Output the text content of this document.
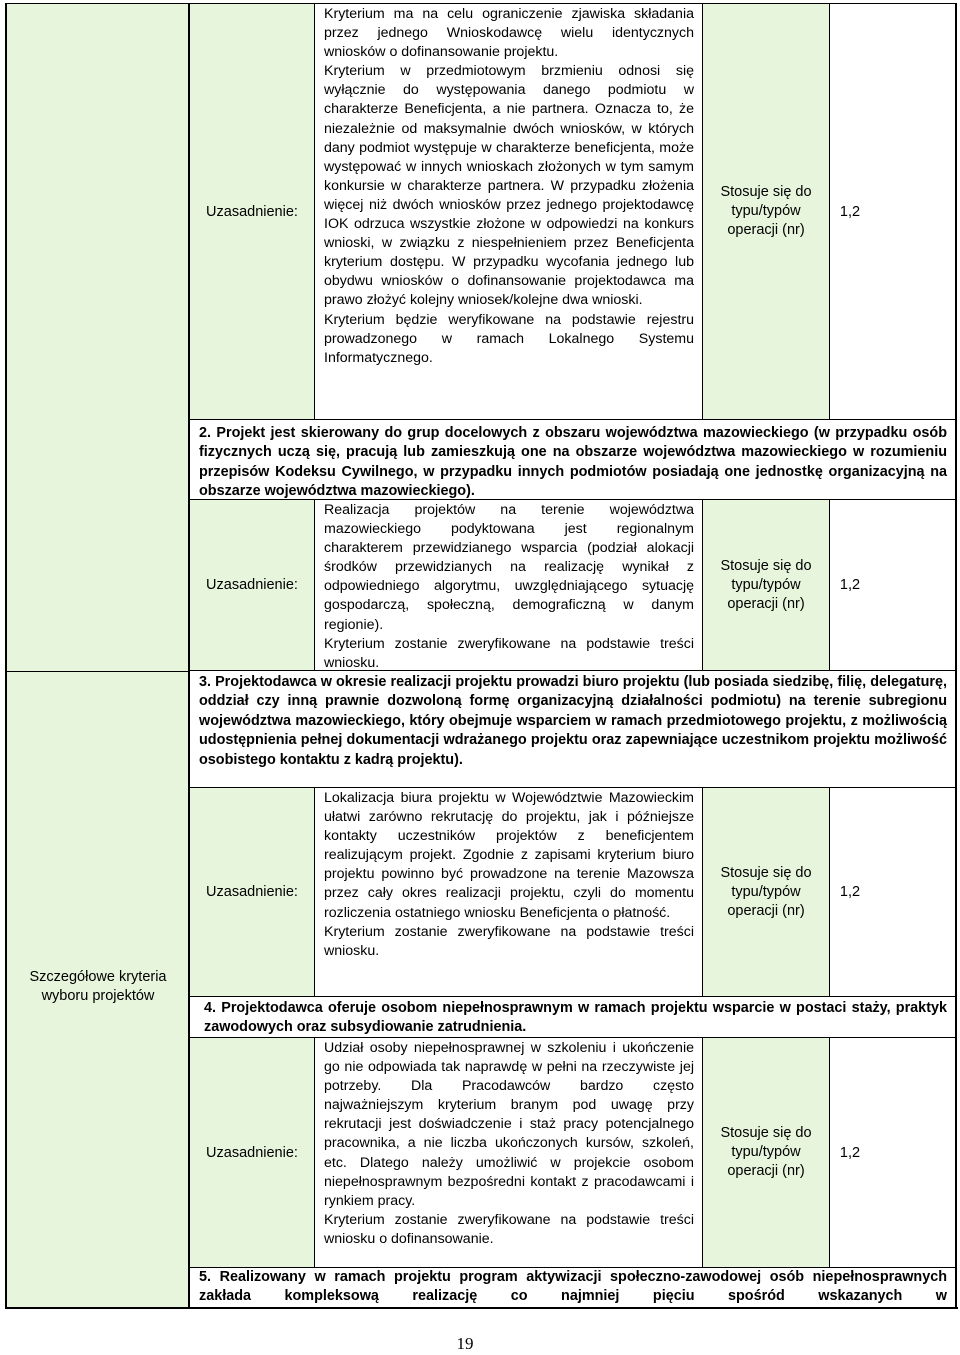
Szczegółowe kryteria wyboru projektów
Uzasadnienie:

Kryterium ma na celu ograniczenie zjawiska składania przez jednego Wnioskodawcę wielu identycznych wniosków o dofinansowanie projektu.

Kryterium w przedmiotowym brzmieniu odnosi się wyłącznie do występowania danego podmiotu w charakterze Beneficjenta, a nie partnera. Oznacza to, że niezależnie od maksymalnie dwóch wniosków, w których dany podmiot występuje w charakterze beneficjenta, może występować w innych wnioskach złożonych w tym samym konkursie w charakterze partnera. W przypadku złożenia więcej niż dwóch wniosków przez jednego projektodawcę IOK odrzuca wszystkie złożone w odpowiedzi na konkurs wnioski, w związku z niespełnieniem przez Beneficjenta kryterium dostępu. W przypadku wycofania jednego lub obydwu wniosków o dofinansowanie projektodawca ma prawo złożyć kolejny wniosek/kolejne dwa wnioski.

Kryterium będzie weryfikowane na podstawie rejestru prowadzonego w ramach Lokalnego Systemu Informatycznego.

Stosuje się do typu/typów operacji (nr)
1,2
2. Projekt jest skierowany do grup docelowych z obszaru województwa mazowieckiego (w przypadku osób fizycznych uczą się, pracują lub zamieszkują one na obszarze województwa mazowieckiego w rozumieniu przepisów Kodeksu Cywilnego, w przypadku innych podmiotów posiadają one jednostkę organizacyjną na obszarze województwa mazowieckiego).
Uzasadnienie:

Realizacja projektów na terenie województwa mazowieckiego podyktowana jest regionalnym charakterem przewidzianego wsparcia (podział alokacji środków przewidzianych na realizację wynikał z odpowiedniego algorytmu, uwzględniającego sytuację gospodarczą, społeczną, demograficzną w danym regionie).

Kryterium zostanie zweryfikowane na podstawie treści wniosku.

Stosuje się do typu/typów operacji (nr)
1,2
3. Projektodawca w okresie realizacji projektu prowadzi biuro projektu (lub posiada siedzibę, filię, delegaturę, oddział czy inną prawnie dozwoloną formę organizacyjną działalności podmiotu) na terenie subregionu województwa mazowieckiego, który obejmuje wsparciem w ramach przedmiotowego projektu, z możliwością udostępnienia pełnej dokumentacji wdrażanego projektu oraz zapewniające uczestnikom projektu możliwość osobistego kontaktu z kadrą projektu).
Uzasadnienie:

Lokalizacja biura projektu w Województwie Mazowieckim ułatwi zarówno rekrutację do projektu, jak i późniejsze kontakty uczestników projektów z beneficjentem realizującym projekt. Zgodnie z zapisami kryterium biuro projektu powinno być prowadzone na terenie Mazowsza przez cały okres realizacji projektu, czyli do momentu rozliczenia ostatniego wniosku Beneficjenta o płatność.

Kryterium zostanie zweryfikowane na podstawie treści wniosku.

Stosuje się do typu/typów operacji (nr)
1,2
4. Projektodawca oferuje osobom niepełnosprawnym w ramach projektu wsparcie w postaci staży, praktyk zawodowych oraz subsydiowanie zatrudnienia.
Uzasadnienie:

Udział osoby niepełnosprawnej w szkoleniu i ukończenie go nie odpowiada tak naprawdę w pełni na rzeczywiste jej potrzeby. Dla Pracodawców bardzo często najważniejszym kryterium branym pod uwagę przy rekrutacji jest doświadczenie i staż pracy potencjalnego pracownika, a nie liczba ukończonych kursów, szkoleń, etc. Dlatego należy umożliwić w projekcie osobom niepełnosprawnym bezpośredni kontakt z pracodawcami i rynkiem pracy.

Kryterium zostanie zweryfikowane na podstawie treści wniosku o dofinansowanie.

Stosuje się do typu/typów operacji (nr)
1,2
5. Realizowany w ramach projektu program aktywizacji społeczno-zawodowej osób niepełnosprawnych zakłada kompleksową realizację co najmniej pięciu spośród wskazanych w
19
